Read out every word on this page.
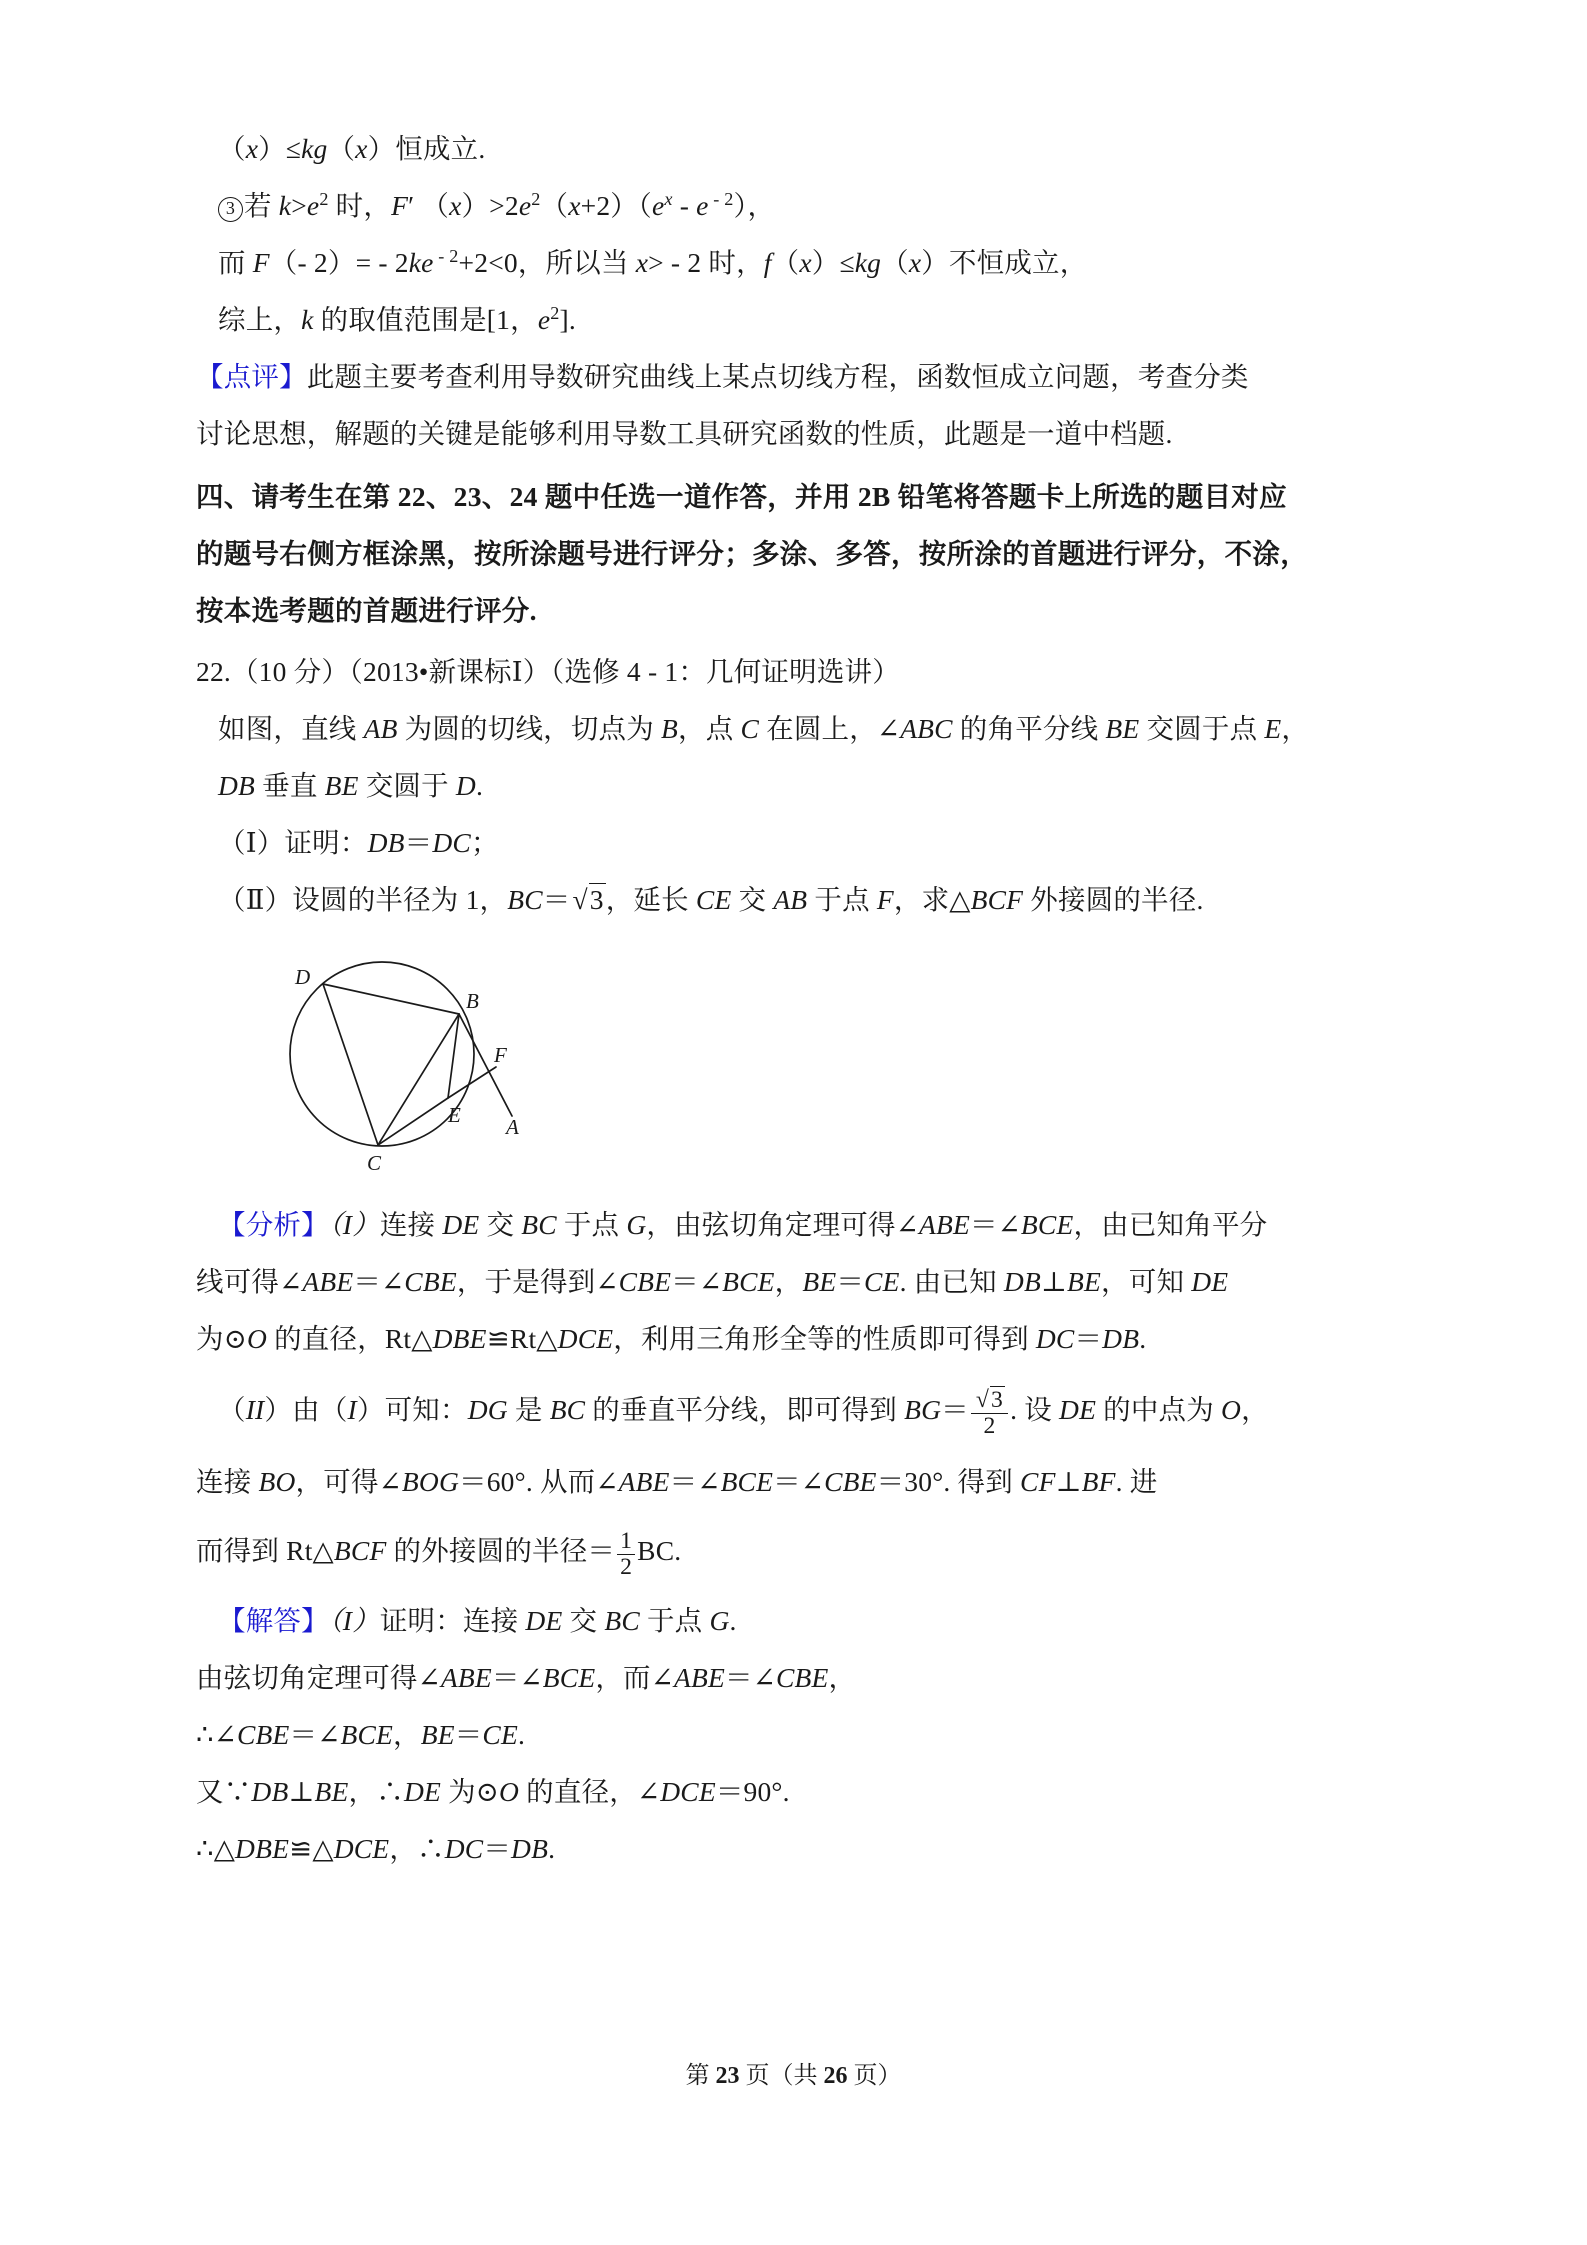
（x）≤kg（x）恒成立.
3 若 $k>e^2$ 时，F′ $(x)>2e^2(x+2)(e^x - e$ $^{- 2}$），
而 F（- 2）= - 2ke $^{- 2}$+2<0，所以当 x> - 2 时，f（x）≤kg（x）不恒成立，
综上，k 的取值范围是[1，$e^2$].
【点评】此题主要考查利用导数研究曲线上某点切线方程，函数恒成立问题，考查分类
讨论思想，解题的关键是能够利用导数工具研究函数的性质，此题是一道中档题.
四、请考生在第 22、23、24 题中任选一道作答，并用 2B 铅笔将答题卡上所选的题目对应
的题号右侧方框涂黑，按所涂题号进行评分；多涂、多答，按所涂的首题进行评分，不涂，
按本选考题的首题进行评分.
22.（10 分）（2013•新课标Ⅰ）（选修 4 - 1：几何证明选讲）
如图，直线 AB 为圆的切线，切点为 B，点 C 在圆上，∠ABC 的角平分线 BE 交圆于点 E，
DB 垂直 BE 交圆于 D.
（Ⅰ）证明：DB＝DC；
（Ⅱ）设圆的半径为 1，BC＝√3，延长 CE 交 AB 于点 F，求△BCF 外接圆的半径.
D
B
F
E A
C
【分析】（I）连接 DE 交 BC 于点 G，由弦切角定理可得∠ABE＝∠BCE，由已知角平分
线可得∠ABE＝∠CBE，于是得到∠CBE＝∠BCE，BE＝CE. 由已知 DB⊥BE，可知 DE
为⊙O 的直径，Rt△DBE≌Rt△DCE，利用三角形全等的性质即可得到 DC＝DB.
（II）由（I）可知：DG 是 BC 的垂直平分线，即可得到 $BG= \frac{√3}{2}$ . 设 DE 的中点为 O，
连接 BO，可得∠BOG＝60°. 从而∠ABE＝∠BCE＝∠CBE＝30°. 得到 CF⊥BF. 进
而得到 Rt△BCF 的外接圆的半径＝ $\frac{1}{2}$ BC.
【解答】（I）证明：连接 DE 交 BC 于点 G.
由弦切角定理可得∠ABE＝∠BCE，而∠ABE＝∠CBE，
∴∠CBE＝∠BCE，BE＝CE.
又∵DB⊥BE，∴DE 为⊙O 的直径，∠DCE＝90°.
∴△DBE≌△DCE，∴DC＝DB.
第 23 页（共 26 页）
